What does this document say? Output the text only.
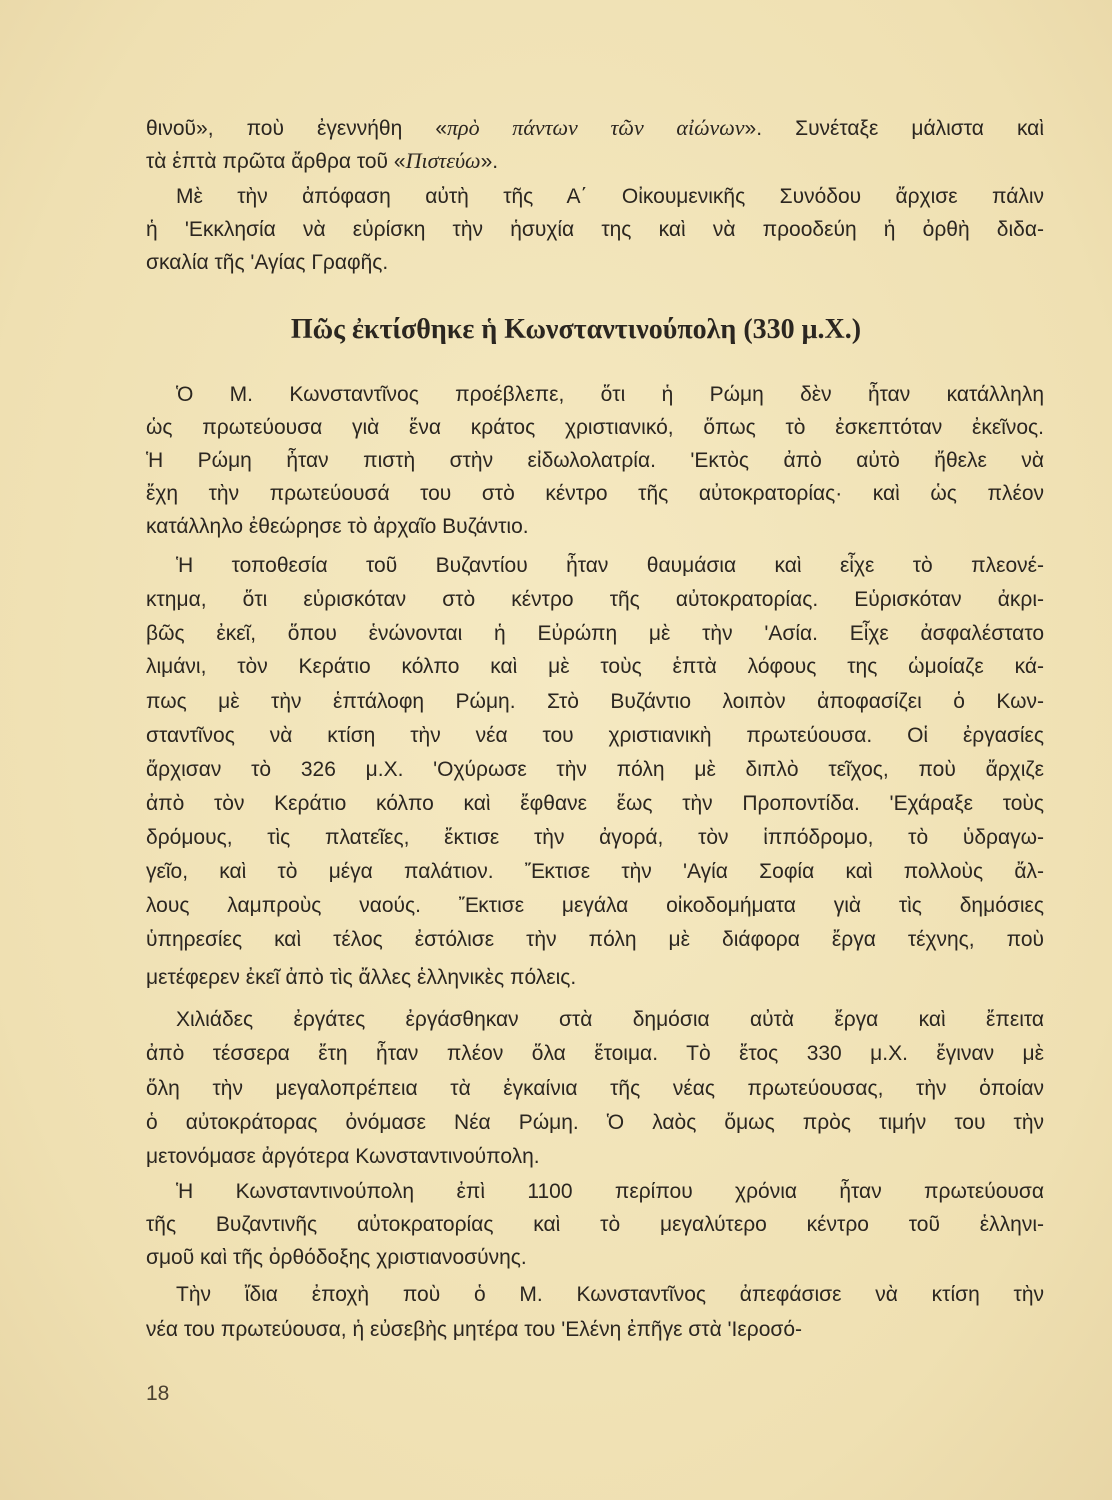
θινοῦ», ποὺ ἐγεννήθη «πρὸ πάντων τῶν αἰώνων». Συνέταξε μάλιστα καὶ
τὰ ἑπτὰ πρῶτα ἄρθρα τοῦ «Πιστεύω».
Πῶς ἐκτίσθηκε ἡ Κωνσταντινούπολη (330 μ.Χ.)
Μὲ τὴν ἀπόφαση αὐτὴ τῆς Α΄ Οἰκουμενικῆς Συνόδου ἄρχισε πάλιν
ἡ 'Εκκλησία νὰ εὑρίσκη τὴν ἡσυχία της καὶ νὰ προοδεύη ἡ ὀρθὴ διδα-
σκαλία τῆς 'Αγίας Γραφῆς.
Ὁ Μ. Κωνσταντῖνος προέβλεπε, ὅτι ἡ Ρώμη δὲν ἦταν κατάλληλη
ὡς πρωτεύουσα γιὰ ἕνα κράτος χριστιανικό, ὅπως τὸ ἐσκεπτόταν ἐκεῖνος.
Ἡ Ρώμη ἦταν πιστὴ στὴν εἰδωλολατρία. 'Εκτὸς ἀπὸ αὐτὸ ἤθελε νὰ
ἔχη τὴν πρωτεύουσά του στὸ κέντρο τῆς αὐτοκρατορίας· καὶ ὡς πλέον
κατάλληλο ἐθεώρησε τὸ ἀρχαῖο Βυζάντιο.
Ἡ τοποθεσία τοῦ Βυζαντίου ἦταν θαυμάσια καὶ εἶχε τὸ πλεονέ-
κτημα, ὅτι εὑρισκόταν στὸ κέντρο τῆς αὐτοκρατορίας. Εὑρισκόταν ἀκρι-
βῶς ἐκεῖ, ὅπου ἑνώνονται ἡ Εὐρώπη μὲ τὴν 'Ασία. Εἶχε ἀσφαλέστατο
λιμάνι, τὸν Κεράτιο κόλπο καὶ μὲ τοὺς ἑπτὰ λόφους της ὡμοίαζε κά-
πως μὲ τὴν ἑπτάλοφη Ρώμη. Στὸ Βυζάντιο λοιπὸν ἀποφασίζει ὁ Κων-
σταντῖνος νὰ κτίση τὴν νέα του χριστιανικὴ πρωτεύουσα. Οἱ ἐργασίες
ἄρχισαν τὸ 326 μ.Χ. 'Οχύρωσε τὴν πόλη μὲ διπλὸ τεῖχος, ποὺ ἄρχιζε
ἀπὸ τὸν Κεράτιο κόλπο καὶ ἔφθανε ἕως τὴν Προποντίδα. 'Εχάραξε τοὺς
δρόμους, τὶς πλατεῖες, ἔκτισε τὴν ἀγορά, τὸν ἱππόδρομο, τὸ ὑδραγω-
γεῖο, καὶ τὸ μέγα παλάτιον. Ἔκτισε τὴν 'Αγία Σοφία καὶ πολλοὺς ἄλ-
λους λαμπροὺς ναούς. Ἔκτισε μεγάλα οἰκοδομήματα γιὰ τὶς δημόσιες
ὑπηρεσίες καὶ τέλος ἐστόλισε τὴν πόλη μὲ διάφορα ἔργα τέχνης, ποὺ
μετέφερεν ἐκεῖ ἀπὸ τὶς ἄλλες ἑλληνικὲς πόλεις.
Χιλιάδες ἐργάτες ἐργάσθηκαν στὰ δημόσια αὐτὰ ἔργα καὶ ἔπειτα
ἀπὸ τέσσερα ἔτη ἦταν πλέον ὅλα ἕτοιμα. Τὸ ἔτος 330 μ.Χ. ἔγιναν μὲ
ὅλη τὴν μεγαλοπρέπεια τὰ ἐγκαίνια τῆς νέας πρωτεύουσας, τὴν ὁποίαν
ὁ αὐτοκράτορας ὀνόμασε Νέα Ρώμη. Ὁ λαὸς ὅμως πρὸς τιμήν του τὴν
μετονόμασε ἀργότερα Κωνσταντινούπολη.
Ἡ Κωνσταντινούπολη ἐπὶ 1100 περίπου χρόνια ἦταν πρωτεύουσα
τῆς Βυζαντινῆς αὐτοκρατορίας καὶ τὸ μεγαλύτερο κέντρο τοῦ ἑλληνι-
σμοῦ καὶ τῆς ὀρθόδοξης χριστιανοσύνης.
Τὴν ἴδια ἐποχὴ ποὺ ὁ Μ. Κωνσταντῖνος ἀπεφάσισε νὰ κτίση τὴν
νέα του πρωτεύουσα, ἡ εὐσεβὴς μητέρα του 'Ελένη ἐπῆγε στὰ 'Ιεροσό-
18
